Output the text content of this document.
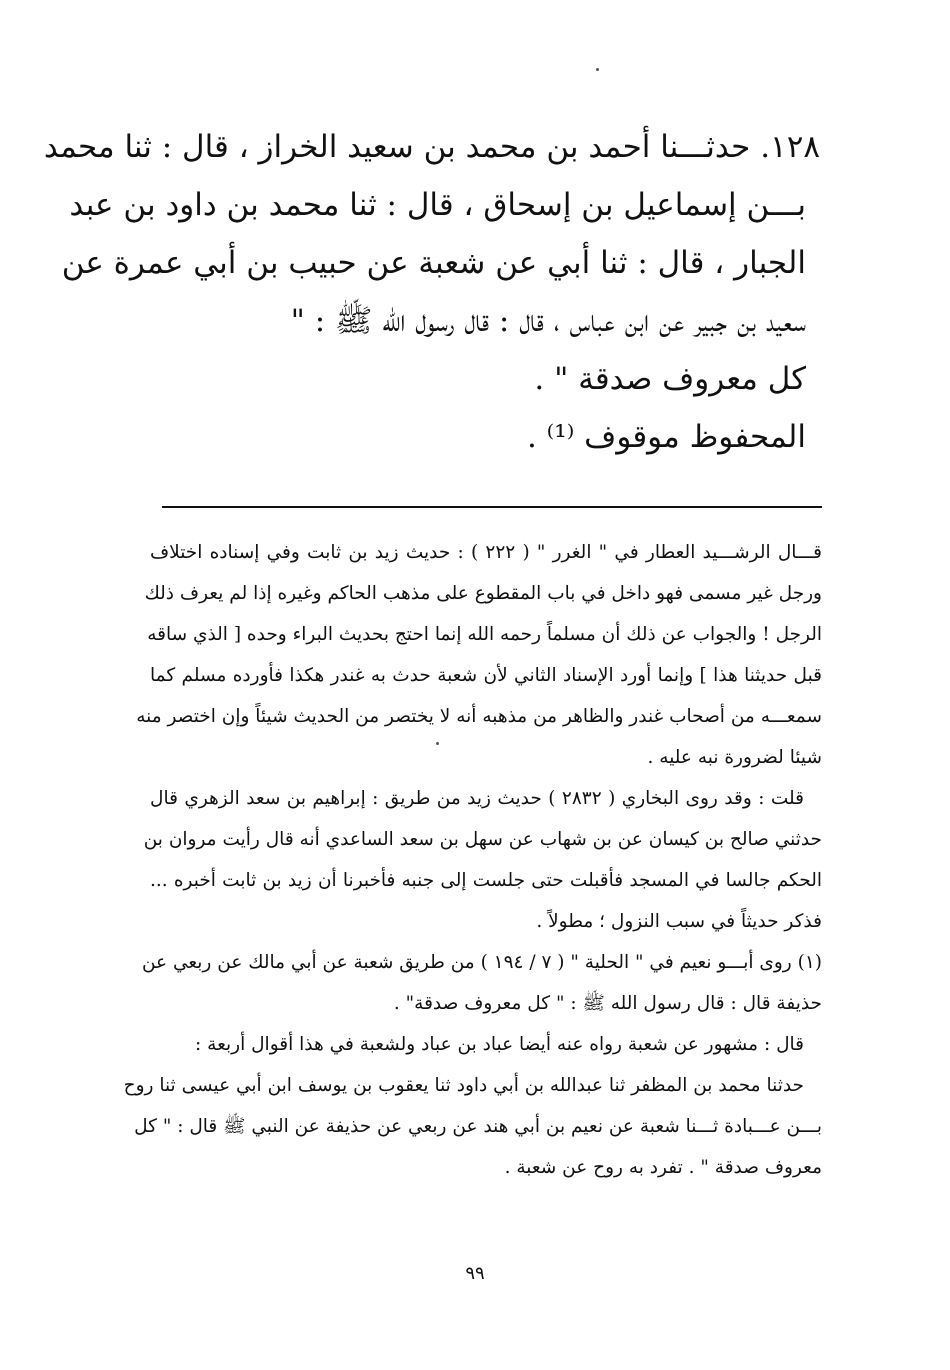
١٢٨. حدثـــنا أحمد بن محمد بن سعيد الخراز ، قال : ثنا محمد
بـــن إسماعيل بن إسحاق ، قال : ثنا محمد بن داود بن عبد
الجبار ، قال : ثنا أبي عن شعبة عن حبيب بن أبي عمرة عن
سعيد بن جبير عن ابن عباس ، قال : قال رسول الله ﷺ : "
كل معروف صدقة " .
المحفوظ موقوف ⁽¹⁾ .
قـــال الرشـــيد العطار في " الغرر " ( ٢٢٢ ) : حديث زيد بن ثابت وفي إسناده اختلاف
ورجل غير مسمى فهو داخل في باب المقطوع على مذهب الحاكم وغيره إذا لم يعرف ذلك
الرجل ! والجواب عن ذلك أن مسلماً رحمه الله إنما احتج بحديث البراء وحده [ الذي ساقه
قبل حديثنا هذا ] وإنما أورد الإسناد الثاني لأن شعبة حدث به غندر هكذا فأورده مسلم كما
سمعـــه من أصحاب غندر والظاهر من مذهبه أنه لا يختصر من الحديث شيئاً وإن اختصر منه
شيئا لضرورة نبه عليه .
قلت : وقد روى البخاري ( ٢٨٣٢ ) حديث زيد من طريق : إبراهيم بن سعد الزهري قال
حدثني صالح بن كيسان عن بن شهاب عن سهل بن سعد الساعدي أنه قال رأيت مروان بن
الحكم جالسا في المسجد فأقبلت حتى جلست إلى جنبه فأخبرنا أن زيد بن ثابت أخبره ...
فذكر حديثاً في سبب النزول ؛ مطولاً .
(١) روى أبـــو نعيم في " الحلية " ( ٧ / ١٩٤ ) من طريق شعبة عن أبي مالك عن ربعي عن
حذيفة قال : قال رسول الله ﷺ : " كل معروف صدقة" .
قال : مشهور عن شعبة رواه عنه أيضا عباد بن عباد ولشعبة في هذا أقوال أربعة :
حدثنا محمد بن المظفر ثنا عبدالله بن أبي داود ثنا يعقوب بن يوسف ابن أبي عيسى ثنا روح
بـــن عـــبادة ثـــنا شعبة عن نعيم بن أبي هند عن ربعي عن حذيفة عن النبي ﷺ قال : " كل
معروف صدقة " . تفرد به روح عن شعبة .
٩٩
